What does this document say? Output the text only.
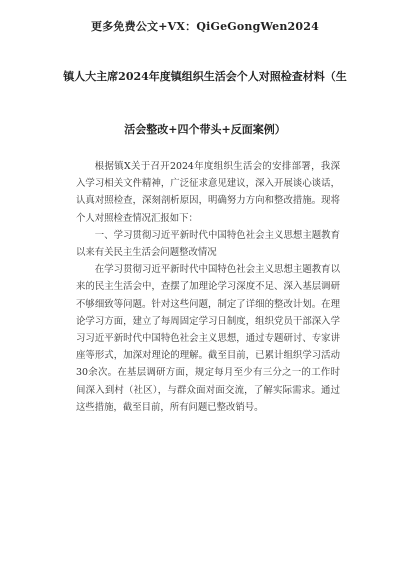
更多免费公文+VX：QiGeGongWen2024
镇人大主席2024年度镇组织生活会个人对照检查材料（生
活会整改+四个带头+反面案例）

根据镇X关于召开2024年度组织生活会的安排部署，我深入学习相关文件精神，广泛征求意见建议，深入开展谈心谈话，认真对照检查，深刻剖析原因，明确努力方向和整改措施。现将个人对照检查情况汇报如下：

一、学习贯彻习近平新时代中国特色社会主义思想主题教育以来有关民主生活会问题整改情况

在学习贯彻习近平新时代中国特色社会主义思想主题教育以来的民主生活会中，查摆了加理论学习深度不足、深入基层调研不够细致等问题。针对这些问题，制定了详细的整改计划。在理论学习方面，建立了每周固定学习日制度，组织党员干部深入学习习近平新时代中国特色社会主义思想，通过专题研讨、专家讲座等形式，加深对理论的理解。截至目前，已累计组织学习活动30余次。在基层调研方面，规定每月至少有三分之一的工作时间深入到村（社区），与群众面对面交流，了解实际需求。通过这些措施，截至目前，所有问题已整改销号。
